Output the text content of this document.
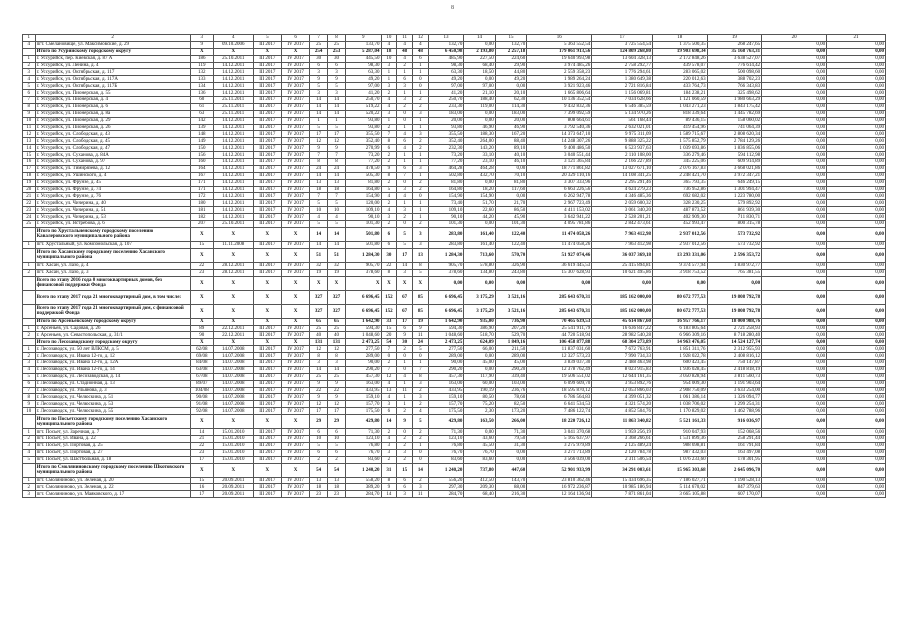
8
1	2	3	4	5	6	7	8	9	10	11	12	13	14	15	16	17	18	19	20	21
4	пгт. Смелановище, ул. Максимовские, д. 29	9	09.10.2006	III 2017	IV 2017	25	25	133,70	4	4	4	132,70	0,00	132,70	5 363 552,54	3 725 554,54	1 375 500,35	268 247,65	0,00	0,00
	Итого по Усурийскому городскому округу	X	X	X	X	254	253	5 287,04	18	48	48	6 450,98	2 193,80	2 257,18	179 061 913,56	124 809 268,80	19 903 698,34	35 168 763,31	0,00	0,00
1	г. Уссурийск, пер. Киевская, д. 87 А	186	25.10.2011	III 2017	IV 2017	30	30	445,50	10	4	6	485,90	227,50	224,60	19 640 993,98	13 604 328,13	2 172 848,26	3 638 527,07	0,00	0,00
2	г. Уссурийск, ул. Ленина, д. 4	119	14.12.2011	III 2017	IV 2017	6	6	98,30	3	2	1	98,30	68,40	29,90	3 974 485,26	2 758 292,77	439 578,07	776 614,42	0,00	0,00
3	г. Уссурийск, ул. Октябрьская, д. 117	132	14.12.2011	III 2017	IV 2017	3	3	63,30	1	1	1	63,30	18,50	44,80	2 559 358,23	1 776 294,61	283 065,02	500 098,60	0,00	0,00
4	г. Уссурийск, ул. Октябрьская, д. 117А	133	14.12.2011	III 2017	IV 2017	9	9	49,20	1	6	0	49,20	0,00	49,20	1 989 264,24	1 380 649,38	220 012,63	388 702,23	0,00	0,00
5	г. Уссурийск, ул. Октябрьская, д. 117Б	134	14.12.2011	III 2017	IV 2017	5	5	97,00	3	3	0	97,00	97,00	0,00	3 921 923,46	2 721 816,84	433 764,73	766 343,83	0,00	0,00
6	г. Уссурийск, ул. Пионерская, д. 55	136	14.12.2011	III 2017	IV 2017	3	3	41,20	2	1	1	41,20	21,10	20,10	1 665 806,64	1 156 069,81	184 238,21	325 498,62	0,00	0,00
7	г. Уссурийск, ул. Пионерская, д. 4	60	25.11.2011	III 2017	IV 2017	14	14	250,70	4	3	2	250,70	188,40	62,30	10 136 352,54	7 034 628,66	1 121 060,59	1 980 663,29	0,00	0,00
8	г. Уссурийск, ул. Пионерская, д. 6	61	25.11.2011	III 2017	IV 2017	14	14	519,22	4	2	2	233,30	119,00	114,30	9 432 832,36	6 546 385,59	1 043 271,23	1 843 175,42	0,00	0,00
9	г. Уссурийск, ул. Пионерская, д. 8а	63	25.11.2011	III 2017	IV 2017	14	14	520,22	3	0	3	183,00	0,00	183,00	7 399 092,59	5 134 970,26	818 339,64	1 445 782,69	0,00	0,00
10	г. Уссурийск, ул. Пионерская, д. 29	142	14.12.2011	III 2017	IV 2017	1	1	93,80	1	0	1	20,00	0,00	20,00	808 664,61	561 168,44	89 436,15	158 060,02	0,00	0,00
11	г. Уссурийск, ул. Пионерская, д. 26	139	14.12.2011	III 2017	IV 2017	5	5	93,80	2	1	1	93,80	46,90	46,90	3 792 540,36	2 632 021,01	419 454,96	741 064,39	0,00	0,00
12	г. Уссурийск, ул. Слободская, д. 43	148	14.12.2011	III 2017	IV 2017	17	17	355,50	7	4	3	355,50	188,30	167,20	14 373 647,10	9 975 311,09	1 589 715,67	2 808 620,34	0,00	0,00
13	г. Уссурийск, ул. Слободская, д. 45	149	14.12.2011	III 2017	IV 2017	12	12	352,40	8	6	2	352,40	264,00	88,40	14 248 307,26	9 888 325,22	1 575 852,79	2 784 129,26	0,00	0,00
14	г. Уссурийск, ул. Слободская, д. 47	150	14.12.2011	III 2017	IV 2017	9	9	270,99	6	4	2	232,30	143,20	89,10	9 400 486,50	6 523 937,63	1 039 693,86	1 836 855,06	0,00	0,00
15	г. Уссурийск, ул. Суханова, д. 84А	156	14.12.2011	III 2017	IV 2017	7	7	73,20	2	1	1	73,20	33,10	40,10	3 040 551,44	2 110 108,00	336 279,46	594 112,98	0,00	0,00
16	г. Уссурийск, ул. Суханова, д. 97	160	14.12.2011	III 2017	IV 2017	8	8	77,20	2	1	1	77,20	23,10	46,10	3 121 365,84	2 166 227,89	345 225,06	609 914,89	0,00	0,00
17	г. Уссурийск, ул. Тимирязева, д. 12	164	14.12.2011	III 2017	IV 2017	24	24	478,50	9	6	3	464,28	464,28	0,00	18 771 861,82	13 027 671,10	2 076 167,83	3 668 021,86	0,00	0,00
18	г. Уссурийск, ул. Ушинского, д. 4	167	14.12.2011	III 2017	IV 2017	14	14	505,30	8	7	1	502,80	432,70	70,10	20 329 110,16	14 108 341,25	2 248 421,70	3 972 347,21	0,00	0,00
19	г. Уссурийск, ул. Фрунзе, д. 45	171	14.12.2011	III 2017	IV 2017	13	13	81,80	2	0	2	81,80	0,00	81,80	3 307 333,96	2 295 291,46	365 793,35	646 249,15	0,00	0,00
20	г. Уссурийск, ул. Фрунзе, д. 74	171	14.12.2011	III 2017	IV 2017	18	18	164,80	5	3	2	164,80	18,20	117,60	6 663 226,56	4 624 279,23	736 952,86	1 301 994,47	0,00	0,00
21	г. Уссурийск, ул. Фрунзе, д. 76	172	14.12.2011	III 2017	IV 2017	7	7	154,90	4	4	0	154,90	154,90	0,00	6 262 947,78	4 346 485,36	692 682,02	1 223 780,00	0,00	0,00
22	г. Уссурийск, ул. Чичерина, д. 40	180	14.12.2011	III 2017	IV 2017	5	5	120,00	2	1	1	73,40	51,70	21,70	2 967 723,49	2 059 600,32	328 230,25	579 892,92	0,00	0,00
23	г. Уссурийск, ул. Чичерина, д. 51	181	14.12.2011	III 2017	IV 2017	10	10	109,10	4	3	1	109,10	22,60	86,50	4 411 153,02	3 061 340,20	487 873,52	861 939,30	0,00	0,00
24	г. Уссурийск, ул. Чичерина, д. 53	182	14.12.2011	III 2017	IV 2017	4	4	90,10	3	2	1	90,10	44,20	45,90	3 642 941,22	2 528 201,21	402 909,30	711 830,71	0,00	0,00
25	г. Уссурийск, ул. Ястребова, д. 6	207	25.10.2011	III 2017	IV 2017	5	5	101,30	2	0	2	101,30	0,00	101,30	4 095 781,86	2 842 473,61	452 993,47	800 315,78	0,00	0,00
	Итого по Хрустальненскому городскому поселению Кавалеровского муниципального района	X	X	X	X	14	14	501,80	6	5	3	283,80	161,40	122,40	11 474 058,26	7 963 412,98	2 937 012,56	573 732,92	0,00	0,00
1	пгт. Хрустальный, ул. Комсомольская, д. 107	15	11.11.2008	III 2017	IV 2017	14	14	501,80	6	5	3	283,80	161,40	122,40	11 474 058,26	7 963 412,98	2 937 012,56	573 732,92	0,00	0,00
	Итого по Хасанскому городскому поселению Хасанского муниципального района	X	X	X	X	51	51	1 284,30	30	17	13	1 284,30	713,60	570,70	51 927 074,46	36 037 369,18	13 293 331,06	2 596 353,72	0,00	0,00
1	пгт. Хасан, ул. Лазо, д. 4	22	28.12.2011	III 2017	IV 2017	32	32	905,70	22	14	8	905,70	578,80	326,90	36 619 445,53	25 415 894,81	9 374 577,94	1 830 972,77	0,00	0,00
2	пгт. Хасан, ул. Лазо, д. 3	23	28.12.2011	III 2017	IV 2017	19	19	378,60	8	3	5	378,60	134,80	243,80	15 307 628,93	10 621 495,86	3 918 753,52	765 381,55	0,00	0,00
	Всего по этапу 2016 года 0 многоквартирных домов, без финансовой поддержки Фонда	X	X	X	X	X	X	X	X	X	X	0,00	0,00	0,00	0,00	0,00	0,00	0,00	0,00	0,00
	Всего по этапу 2017 года 21 многоквартирный дом, в том числе:	X	X	X	X	327	327	6 696,45	152	67	85	6 696,45	3 175,29	3 521,16	285 643 670,31	185 162 000,00	80 672 777,53	19 808 792,78	0,00	0,00
	Всего по этапу 2017 года 21 многоквартирный дом, с финансовой поддержкой Фонда	X	X	X	X	327	327	6 696,45	152	67	85	6 696,45	3 175,29	3 521,16	285 643 670,31	185 162 000,00	80 672 777,53	19 808 792,78	0,00	0,00
	Итого по Арсеньевскому городскому округу	X	X	X	X	65	65	1 642,90	33	17	19	1 642,90	935,00	736,90	70 465 639,53	45 614 867,60	16 957 766,17	18 000 988,76	0,00	0,00
1	г. Арсеньев, ул. Садовая, д. 26	89	22.12.2011	III 2017	IV 2017	25	25	594,30	15	6	9	594,30	386,90	207,20	25 541 911,79	16 636 847,22	6 183 805,64	2 721 258,93	0,00	0,00
2	г. Арсеньев, ул. Севастопольская, д. 31/1	90	22.12.2011	III 2017	IV 2017	40	40	1 048,60	20	9	11	1 048,60	518,70	529,70	44 720 518,94	28 982 540,28	6 966 309,16	8 718 280,40	0,00	0,00
	Итого по Лесозаводскому городскому округу	X	X	X	X	131	131	2 473,25	54	30	24	2 473,25	624,09	1 849,16	106 458 877,88	68 304 273,89	14 963 476,05	14 524 127,74	0,00	0,00
1	г. Лесозаводск, ул. 50 лет ВЛКСМ, д. 5	62/08	14.07.2008	III 2017	IV 2017	12	12	277,50	7	2	5	277,50	66,00	211,50	11 837 031,60	7 672 763,91	1 851 311,76	2 312 955,93	0,00	0,00
2	г. Лесозаводск, ул. Ивана 12-го, д. 12	69/08	14.07.2008	III 2017	IV 2017	8	8	289,00	0	0	0	289,00	0,00	289,00	12 327 573,23	7 990 734,33	1 928 022,78	2 408 816,12	0,00	0,00
3	г. Лесозаводск, ул. Ивана 12-го, д. 12А	84/08	14.07.2008	III 2017	IV 2017	3	3	90,00	2	1	1	90,00	45,00	45,00	3 839 037,30	2 488 463,98	600 423,45	750 147,87	0,00	0,00
4	г. Лесозаводск, ул. Ивана 12-го, д. 14	63/08	14.07.2008	III 2017	IV 2017	14	14	290,20	7	0	7	290,20	0,00	290,20	12 378 762,49	8 023 915,83	1 936 028,45	2 418 818,19	0,00	0,00
5	г. Лесозаводск, ул. Лесозаводская, д. 14	67/08	14.07.2008	III 2017	IV 2017	25	25	457,30	12	4	8	457,30	117,90	339,40	19 506 551,02	12 644 161,35	3 050 828,94	3 811 560,73	0,00	0,00
6	г. Лесозаводск, ул. Стадионная, д. 13	89/07	14.07.2008	III 2017	IV 2017	9	9	163,00	4	1	3	163,00	60,00	103,00	6 099 609,70	3 953 892,76	954 009,30	1 191 903,64	0,00	0,00
7	г. Лесозаводск, ул. Ульянова, д. 3	104/08	14.07.2008	III 2017	IV 2017	22	22	433,95	13	11	2	433,95	190,19	236,76	18 595 870,12	12 053 866,03	2 908 750,09	3 633 254,00	0,00	0,00
8	г. Лесозаводск, ул. Челюскина, д. 51	90/08	14.07.2008	III 2017	IV 2017	9	9	159,10	4	1	3	159,10	80,50	78,60	6 786 564,83	4 399 051,32	1 061 386,14	1 326 094,77	0,00	0,00
9	г. Лесозаводск, ул. Челюскина, д. 53	91/08	14.07.2008	III 2017	IV 2017	12	12	157,70	3	1	2	157,70	75,20	82,50	6 641 534,53	4 321 574,20	1 038 706,02	1 299 254,31	0,00	0,00
10	г. Лесозаводск, ул. Челюскина, д. 55	92/08	14.07.2008	III 2017	IV 2017	17	17	175,50	6	2	4	175,50	2,30	173,20	7 486 122,74	4 852 504,76	1 170 829,02	1 462 788,96	0,00	0,00
	Итого по Посьетскому городскому поселению Хасанского муниципального района	X	X	X	X	29	29	429,80	14	9	5	429,80	163,50	266,00	18 220 726,12	11 863 340,82	5 521 161,33	916 036,97	0,00	0,00
1	пгт. Посьет, ул. Заречная, д. 7	14	15.01.2010	III 2017	IV 2017	6	6	71,30	2	0	2	71,30	0,00	71,30	3 041 370,68	1 959 256,19	910 047,93	152 068,56	0,00	0,00
2	пгт. Посьет, ул. Ивана, д. 22	21	15.01.2010	III 2017	IV 2017	10	10	123,10	4	2	2	123,10	43,60	79,50	5 165 637,97	3 368 266,61	1 531 899,36	258 291,44	0,00	0,00
3	пгт. Посьет, ул. Портовая, д. 25	22	15.01.2010	III 2017	IV 2017	5	5	76,80	3	2	1	76,80	45,50	31,30	3 275 979,89	2 125 489,24	988 698,81	161 791,84	0,00	0,00
4	пгт. Посьет, ул. Портовая, д. 27	23	15.01.2010	III 2017	IV 2017	6	6	76,70	3	3	0	76,70	76,70	0,00	3 271 713,89	2 120 784,78	987 432,03	163 497,08	0,00	0,00
5	пгт. Посьет, ул. Шастбольная, д. 18	17	15.01.2010	III 2017	IV 2017	2	2	83,60	2	2	0	83,60	83,60	0,00	3 566 039,00	2 311 506,54	1 076 233,60	178 301,95	0,00	0,00
	Итого по Смоляниновскому городскому поселению Шкотовского муниципального района	X	X	X	X	54	54	1 240,20	31	15	14	1 240,20	737,80	447,60	52 901 933,99	34 291 003,61	15 965 303,68	2 645 096,70	0,00	0,00
1	пгт. Смоляниново, ул. Зеленая, д. 20	15	20.09.2011	III 2017	IV 2017	13	13	558,20	8	6	2	556,20	412,50	143,70	23 810 362,46	15 434 696,35	7 186 027,71	1 190 528,13	0,00	0,00
2	пгт. Смоляниново, ул. Зеленая, д. 22	16	20.09.2011	III 2017	IV 2017	18	18	389,20	9	6	3	297,30	209,30	88,00	16 972 236,87	10 985 186,94	5 114 670,02	847 379,63	0,00	0,00
3	пгт. Смоляниново, ул. Маяковского, д. 17	17	20.09.2011	III 2017	IV 2017	23	23	284,70	14	3	11	284,70	68,40	216,30	12 164 136,94	7 871 861,04	3 665 105,88	607 170,07	0,00	0,00
